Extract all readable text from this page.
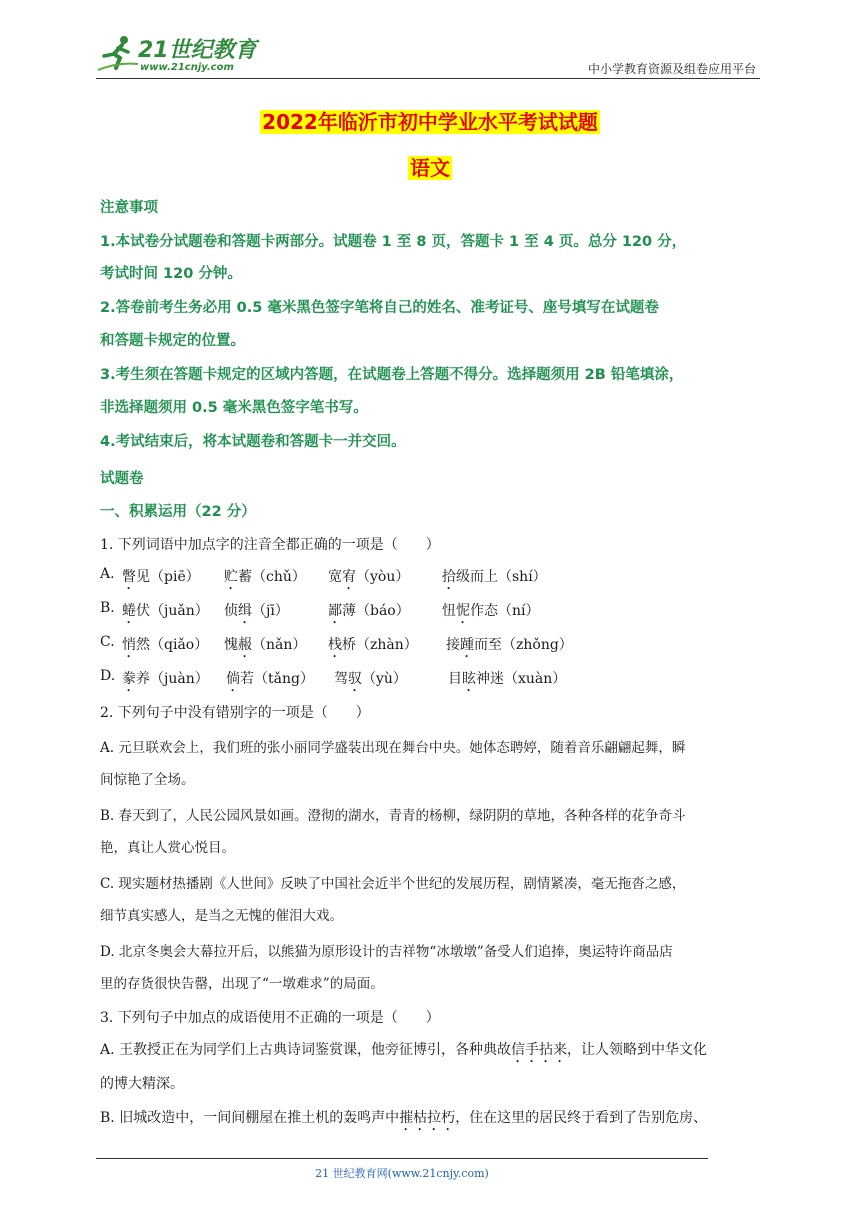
21世纪教育
www.21cnjy.com	中小学教育资源及组卷应用平台
2022年临沂市初中学业水平考试试题
语文
注意事项
1.本试卷分试题卷和答题卡两部分。试题卷 1 至 8 页，答题卡 1 至 4 页。总分 120 分，
考试时间 120 分钟。
2.答卷前考生务必用 0.5 毫米黑色签字笔将自己的姓名、准考证号、座号填写在试题卷
和答题卡规定的位置。
3.考生须在答题卡规定的区域内答题，在试题卷上答题不得分。选择题须用 2B 铅笔填涂，
非选择题须用 0.5 毫米黑色签字笔书写。
4.考试结束后，将本试题卷和答题卡一并交回。
试题卷
一、积累运用（22 分）
1. 下列词语中加点字的注音全都正确的一项是（　　）
A. 瞥见（piē） 贮蓄（chǔ） 宽宥（yòu） 拾级而上（shí）
B. 蜷伏（juǎn） 侦缉（jī）	鄙薄（báo） 忸怩作态（ní）
C. 悄然（qiǎo） 愧赧（nǎn） 栈桥（zhàn） 接踵而至（zhǒng）
D. 豢养（juàn） 倘若（tǎng） 驾驭（yù）	目眩神迷（xuàn）
2. 下列句子中没有错别字的一项是（　　）
A. 元旦联欢会上，我们班的张小丽同学盛装出现在舞台中央。她体态聘婷，随着音乐翩翩起舞，瞬
间惊艳了全场。
B. 春天到了，人民公园风景如画。澄彻的湖水，青青的杨柳，绿阴阴的草地，各种各样的花争奇斗
艳，真让人赏心悦目。
C. 现实题材热播剧《人世间》反映了中国社会近半个世纪的发展历程，剧情紧凑，毫无拖沓之感，
细节真实感人，是当之无愧的催泪大戏。
D. 北京冬奥会大幕拉开后，以熊猫为原形设计的吉祥物“冰墩墩”备受人们追捧，奥运特许商品店
里的存货很快告罄，出现了“一墩难求”的局面。
3. 下列句子中加点的成语使用不正确的一项是（　　）
A. 王教授正在为同学们上古典诗词鉴赏课，他旁征博引，各种典故信手拈来，让人领略到中华文化
的博大精深。
B. 旧城改造中，一间间棚屋在推土机的轰鸣声中摧枯拉朽，住在这里的居民终于看到了告别危房、
21 世纪教育网(www.21cnjy.com)
